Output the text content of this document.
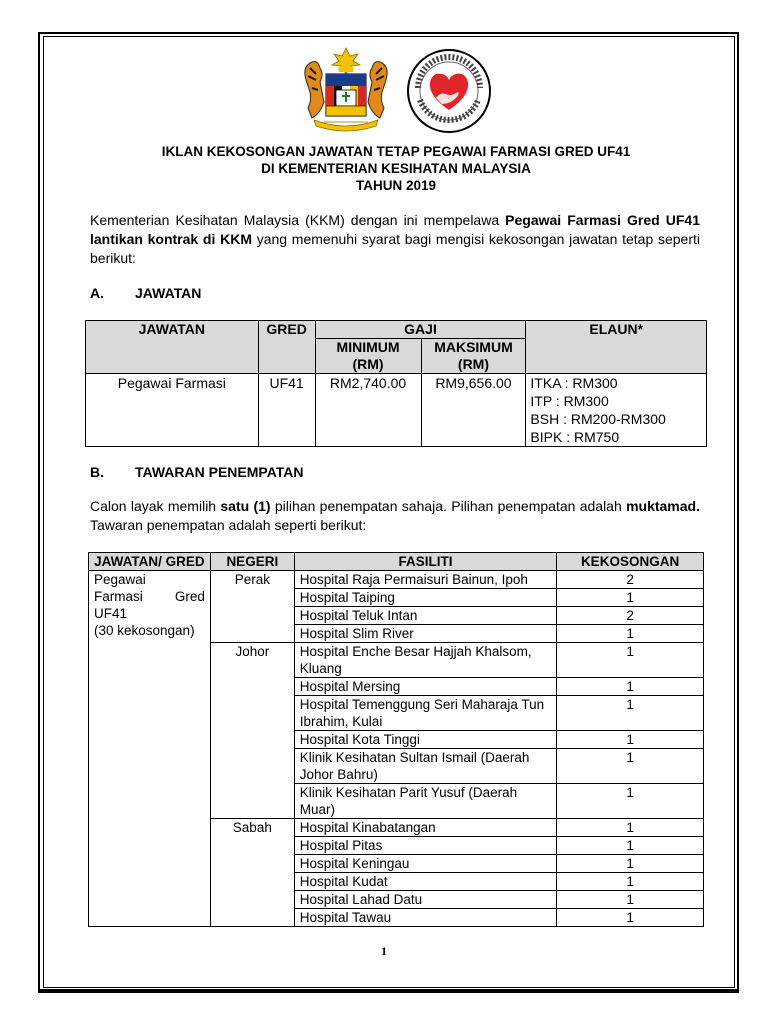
IKLAN KEKOSONGAN JAWATAN TETAP PEGAWAI FARMASI GRED UF41
DI KEMENTERIAN KESIHATAN MALAYSIA
TAHUN 2019
Kementerian Kesihatan Malaysia (KKM) dengan ini mempelawa Pegawai Farmasi Gred UF41 lantikan kontrak di KKM yang memenuhi syarat bagi mengisi kekosongan jawatan tetap seperti berikut:
A. JAWATAN
JAWATAN	GRED	GAJI		ELAUN*
		MINIMUM (RM)	MAKSIMUM (RM)	
Pegawai Farmasi	UF41	RM2,740.00	RM9,656.00	ITKA : RM300
ITP : RM300
BSH : RM200-RM300
BIPK : RM750
B. TAWARAN PENEMPATAN
Calon layak memilih satu (1) pilihan penempatan sahaja. Pilihan penempatan adalah muktamad. Tawaran penempatan adalah seperti berikut:
JAWATAN/ GRED	NEGERI	FASILITI	KEKOSONGAN

Pegawai
Farmasi Gred
UF41
(30 kekosongan)	Perak	Hospital Raja Permaisuri Bainun, Ipoh	2
		Hospital Taiping	1
		Hospital Teluk Intan	2
		Hospital Slim River	1
	Johor	Hospital Enche Besar Hajjah Khalsom, Kluang	1
		Hospital Mersing	1
		Hospital Temenggung Seri Maharaja Tun Ibrahim, Kulai	1
		Hospital Kota Tinggi	1
		Klinik Kesihatan Sultan Ismail (Daerah Johor Bahru)	1
		Klinik Kesihatan Parit Yusuf (Daerah Muar)	1
	Sabah	Hospital Kinabatangan	1
		Hospital Pitas	1
		Hospital Keningau	1
		Hospital Kudat	1
		Hospital Lahad Datu	1
		Hospital Tawau	1
1
